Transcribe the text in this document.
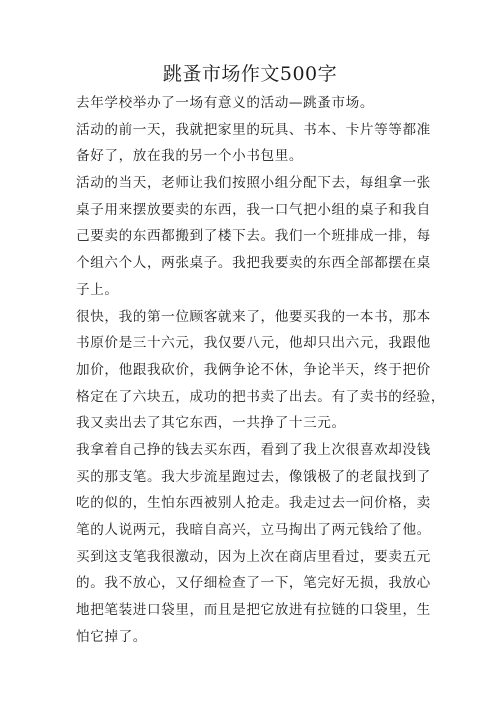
跳蚤市场作文500字
去年学校举办了一场有意义的活动—跳蚤市场。
活动的前一天，我就把家里的玩具、书本、卡片等等都准
备好了，放在我的另一个小书包里。
活动的当天，老师让我们按照小组分配下去，每组拿一张
桌子用来摆放要卖的东西，我一口气把小组的桌子和我自
己要卖的东西都搬到了楼下去。我们一个班排成一排，每
个组六个人，两张桌子。我把我要卖的东西全部都摆在桌
子上。
很快，我的第一位顾客就来了，他要买我的一本书，那本
书原价是三十六元，我仅要八元，他却只出六元，我跟他
加价，他跟我砍价，我俩争论不休，争论半天，终于把价
格定在了六块五，成功的把书卖了出去。有了卖书的经验，
我又卖出去了其它东西，一共挣了十三元。
我拿着自己挣的钱去买东西，看到了我上次很喜欢却没钱
买的那支笔。我大步流星跑过去，像饿极了的老鼠找到了
吃的似的，生怕东西被别人抢走。我走过去一问价格，卖
笔的人说两元，我暗自高兴，立马掏出了两元钱给了他。
买到这支笔我很激动，因为上次在商店里看过，要卖五元
的。我不放心，又仔细检查了一下，笔完好无损，我放心
地把笔装进口袋里，而且是把它放进有拉链的口袋里，生
怕它掉了。
